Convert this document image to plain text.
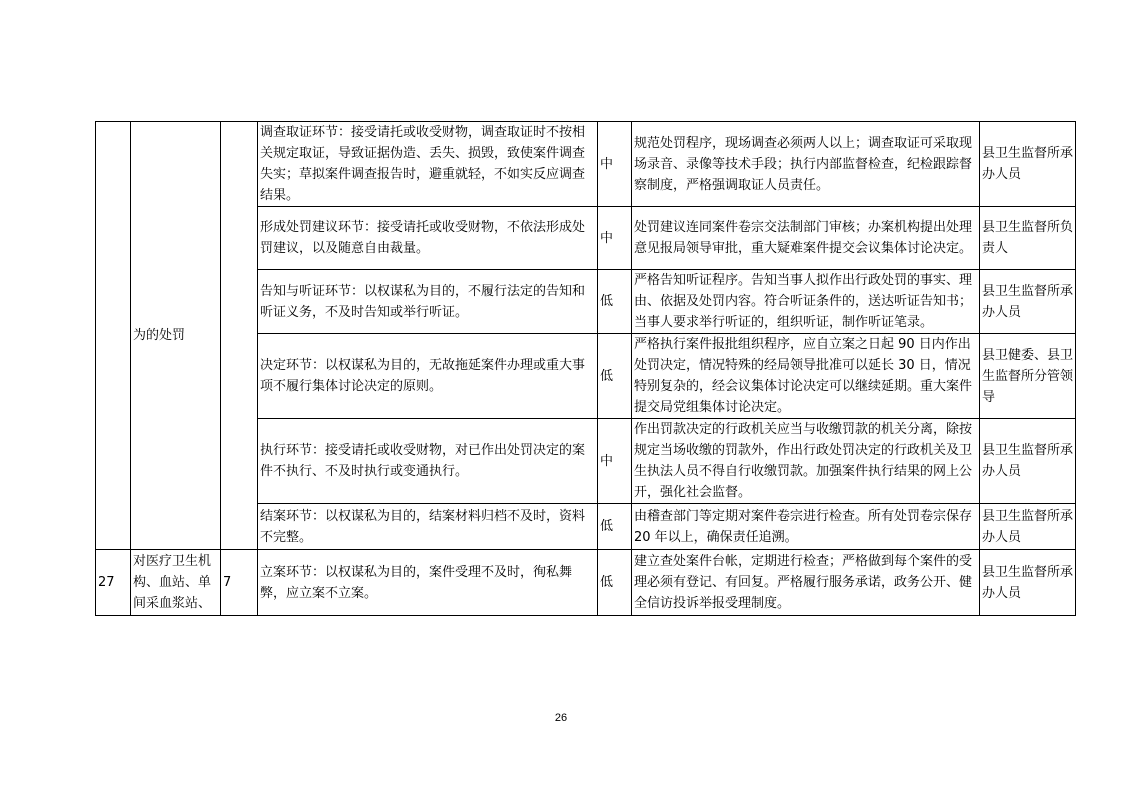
	为的处罚		调查取证环节：接受请托或收受财物，调查取证时不按相关规定取证，导致证据伪造、丢失、损毁，致使案件调查失实；草拟案件调查报告时，避重就轻，不如实反应调查结果。	中	规范处罚程序，现场调查必须两人以上；调查取证可采取现场录音、录像等技术手段；执行内部监督检查，纪检跟踪督察制度，严格强调取证人员责任。	县卫生监督所承办人员
			形成处罚建议环节：接受请托或收受财物，不依法形成处罚建议，以及随意自由裁量。	中	处罚建议连同案件卷宗交法制部门审核；办案机构提出处理意见报局领导审批，重大疑难案件提交会议集体讨论决定。	县卫生监督所负责人
			告知与听证环节：以权谋私为目的，不履行法定的告知和听证义务，不及时告知或举行听证。	低	严格告知听证程序。告知当事人拟作出行政处罚的事实、理由、依据及处罚内容。符合听证条件的，送达听证告知书；当事人要求举行听证的，组织听证，制作听证笔录。	县卫生监督所承办人员
			决定环节：以权谋私为目的，无故拖延案件办理或重大事项不履行集体讨论决定的原则。	低	严格执行案件报批组织程序，应自立案之日起 90 日内作出处罚决定，情况特殊的经局领导批准可以延长 30 日，情况特别复杂的，经会议集体讨论决定可以继续延期。重大案件提交局党组集体讨论决定。	县卫健委、县卫生监督所分管领导
			执行环节：接受请托或收受财物，对已作出处罚决定的案件不执行、不及时执行或变通执行。	中	作出罚款决定的行政机关应当与收缴罚款的机关分离，除按规定当场收缴的罚款外，作出行政处罚决定的行政机关及卫生执法人员不得自行收缴罚款。加强案件执行结果的网上公开，强化社会监督。	县卫生监督所承办人员
			结案环节：以权谋私为目的，结案材料归档不及时，资料不完整。	低	由稽查部门等定期对案件卷宗进行检查。所有处罚卷宗保存 20 年以上，确保责任追溯。	县卫生监督所承办人员
27	对医疗卫生机构、血站、单间采血浆站、	7	立案环节：以权谋私为目的，案件受理不及时，徇私舞弊，应立案不立案。	低	建立查处案件台帐，定期进行检查；严格做到每个案件的受理必须有登记、有回复。严格履行服务承诺，政务公开、健全信访投诉举报受理制度。	县卫生监督所承办人员
26
